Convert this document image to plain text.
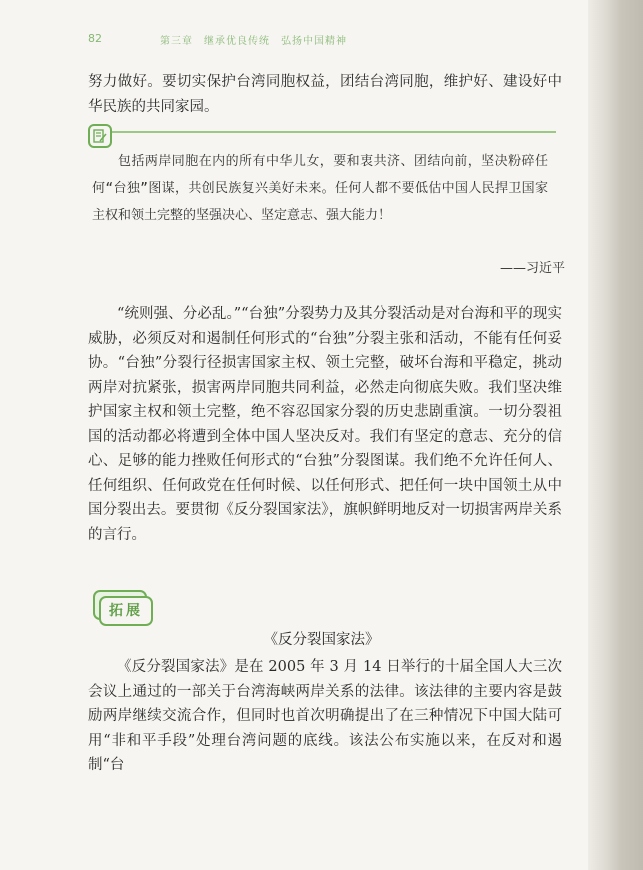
82	第三章　继承优良传统　弘扬中国精神
努力做好。要切实保护台湾同胞权益，团结台湾同胞，维护好、建设好中华民族的共同家园。
包括两岸同胞在内的所有中华儿女，要和衷共济、团结向前，坚决粉碎任何“台独”图谋，共创民族复兴美好未来。任何人都不要低估中国人民捍卫国家主权和领土完整的坚强决心、坚定意志、强大能力！
——习近平
“统则强、分必乱。”“台独”分裂势力及其分裂活动是对台海和平的现实威胁，必须反对和遏制任何形式的“台独”分裂主张和活动，不能有任何妥协。“台独”分裂行径损害国家主权、领土完整，破坏台海和平稳定，挑动两岸对抗紧张，损害两岸同胞共同利益，必然走向彻底失败。我们坚决维护国家主权和领土完整，绝不容忍国家分裂的历史悲剧重演。一切分裂祖国的活动都必将遭到全体中国人坚决反对。我们有坚定的意志、充分的信心、足够的能力挫败任何形式的“台独”分裂图谋。我们绝不允许任何人、任何组织、任何政党在任何时候、以任何形式、把任何一块中国领土从中国分裂出去。要贯彻《反分裂国家法》，旗帜鲜明地反对一切损害两岸关系的言行。
拓展
《反分裂国家法》
《反分裂国家法》是在 2005 年 3 月 14 日举行的十届全国人大三次会议上通过的一部关于台湾海峡两岸关系的法律。该法律的主要内容是鼓励两岸继续交流合作，但同时也首次明确提出了在三种情况下中国大陆可用“非和平手段”处理台湾问题的底线。该法公布实施以来，在反对和遏制“台
